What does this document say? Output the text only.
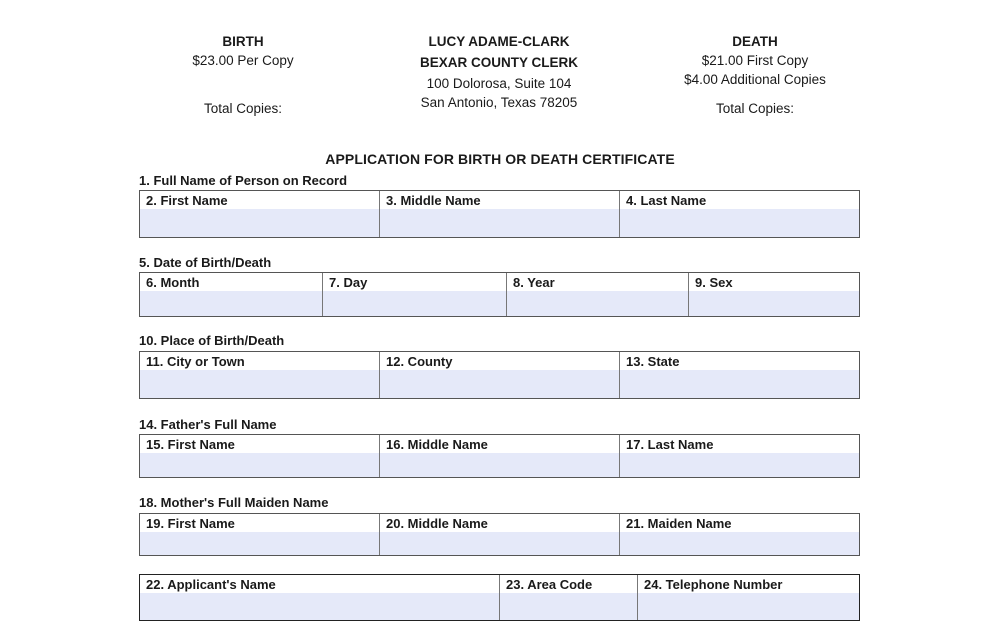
BIRTH
$23.00 Per Copy
Total Copies:
LUCY ADAME-CLARK
BEXAR COUNTY CLERK
100 Dolorosa, Suite 104
San Antonio, Texas 78205
DEATH
$21.00 First Copy
$4.00 Additional Copies
Total Copies:
APPLICATION FOR BIRTH OR DEATH CERTIFICATE
1. Full Name of Person on Record
2. First Name	3. Middle Name	4. Last Name
5. Date of Birth/Death
6. Month	7. Day	8. Year	9. Sex
10. Place of Birth/Death
11. City or Town	12. County	13. State
14. Father's Full Name
15. First Name	16. Middle Name	17. Last Name
18. Mother's Full Maiden Name
19. First Name	20. Middle Name	21. Maiden Name
22. Applicant's Name	23. Area Code	24. Telephone Number
